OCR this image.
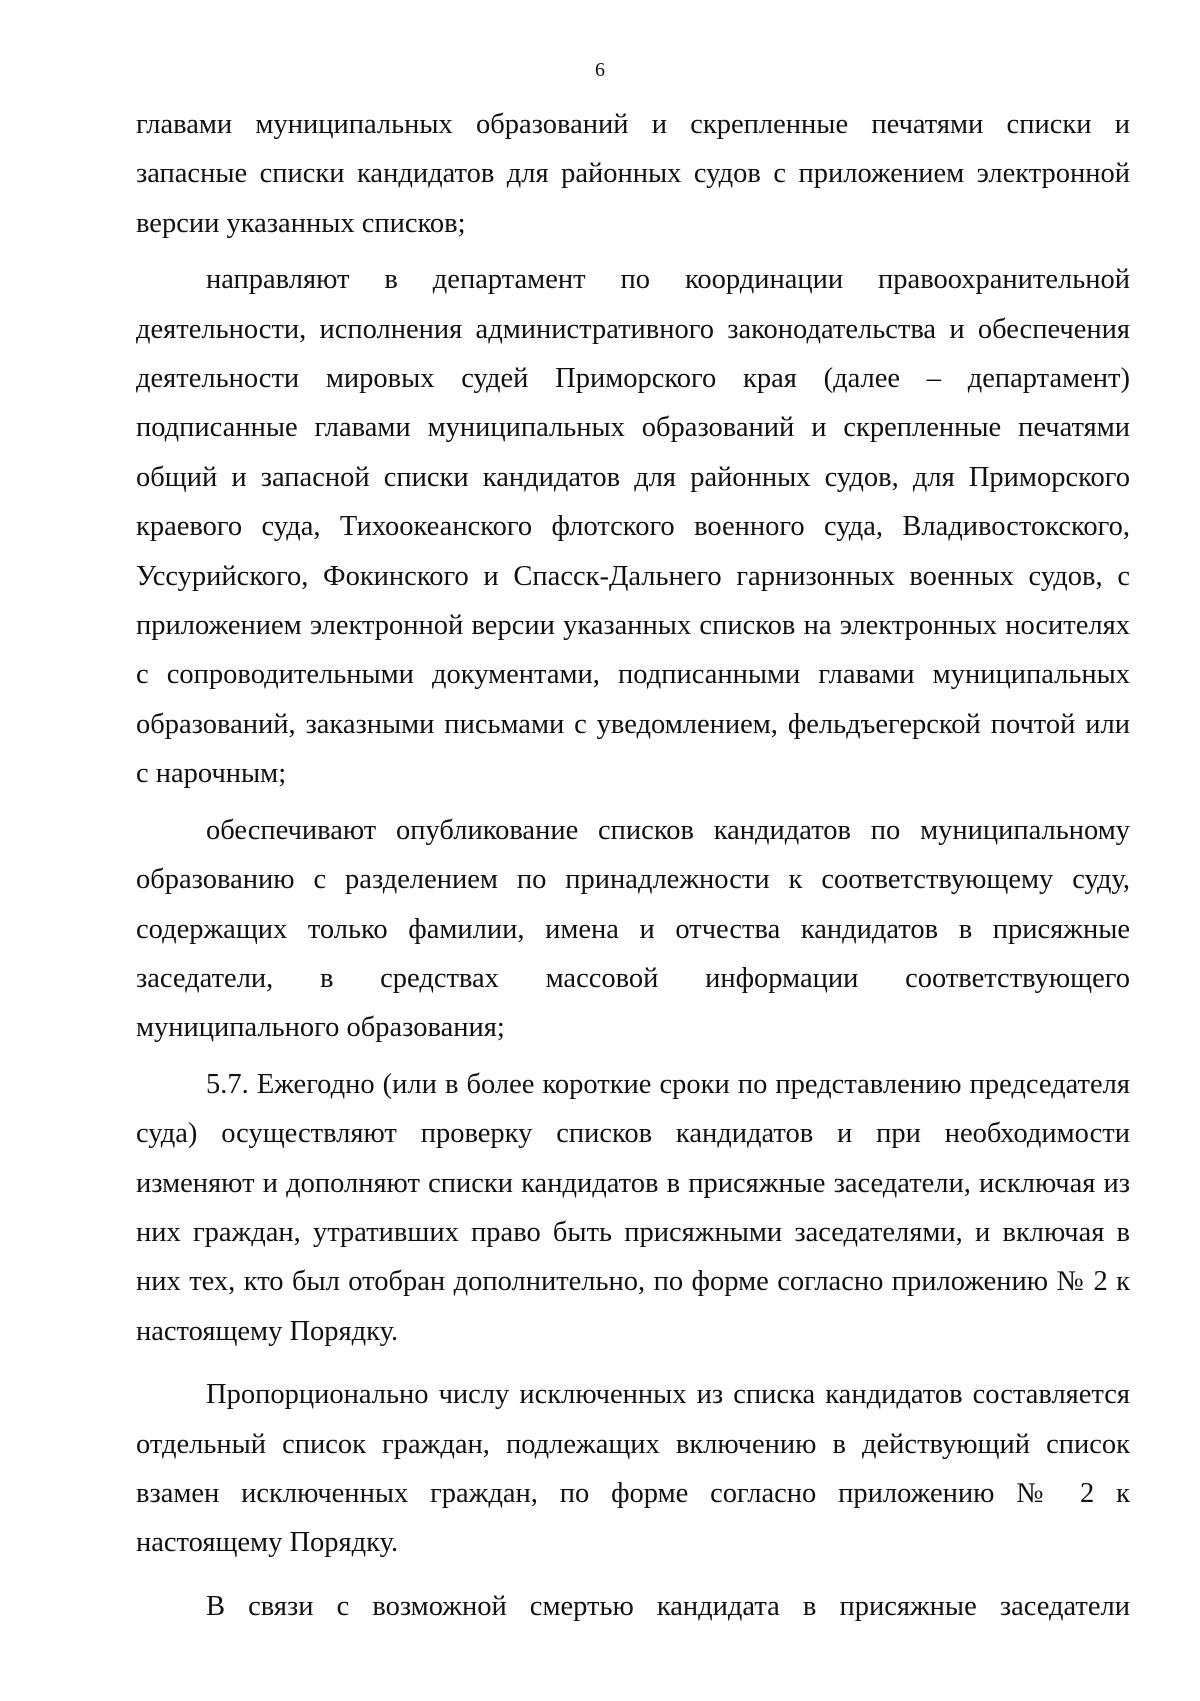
6

главами муниципальных образований и скрепленные печатями списки и запасные списки кандидатов для районных судов с приложением электронной версии указанных списков;

направляют в департамент по координации правоохранительной деятельности, исполнения административного законодательства и обеспечения деятельности мировых судей Приморского края (далее – департамент) подписанные главами муниципальных образований и скрепленные печатями общий и запасной списки кандидатов для районных судов, для Приморского краевого суда, Тихоокеанского флотского военного суда, Владивостокского, Уссурийского, Фокинского и Спасск-Дальнего гарнизонных военных судов, с приложением электронной версии указанных списков на электронных носителях с сопроводительными документами, подписанными главами муниципальных образований, заказными письмами с уведомлением, фельдъегерской почтой или с нарочным;

обеспечивают опубликование списков кандидатов по муниципальному образованию с разделением по принадлежности к соответствующему суду, содержащих только фамилии, имена и отчества кандидатов в присяжные заседатели, в средствах массовой информации соответствующего муниципального образования;

5.7. Ежегодно (или в более короткие сроки по представлению председателя суда) осуществляют проверку списков кандидатов и при необходимости изменяют и дополняют списки кандидатов в присяжные заседатели, исключая из них граждан, утративших право быть присяжными заседателями, и включая в них тех, кто был отобран дополнительно, по форме согласно приложению № 2 к настоящему Порядку.

Пропорционально числу исключенных из списка кандидатов составляется отдельный список граждан, подлежащих включению в действующий список взамен исключенных граждан, по форме согласно приложению № 2 к настоящему Порядку.

В связи с возможной смертью кандидата в присяжные заседатели
